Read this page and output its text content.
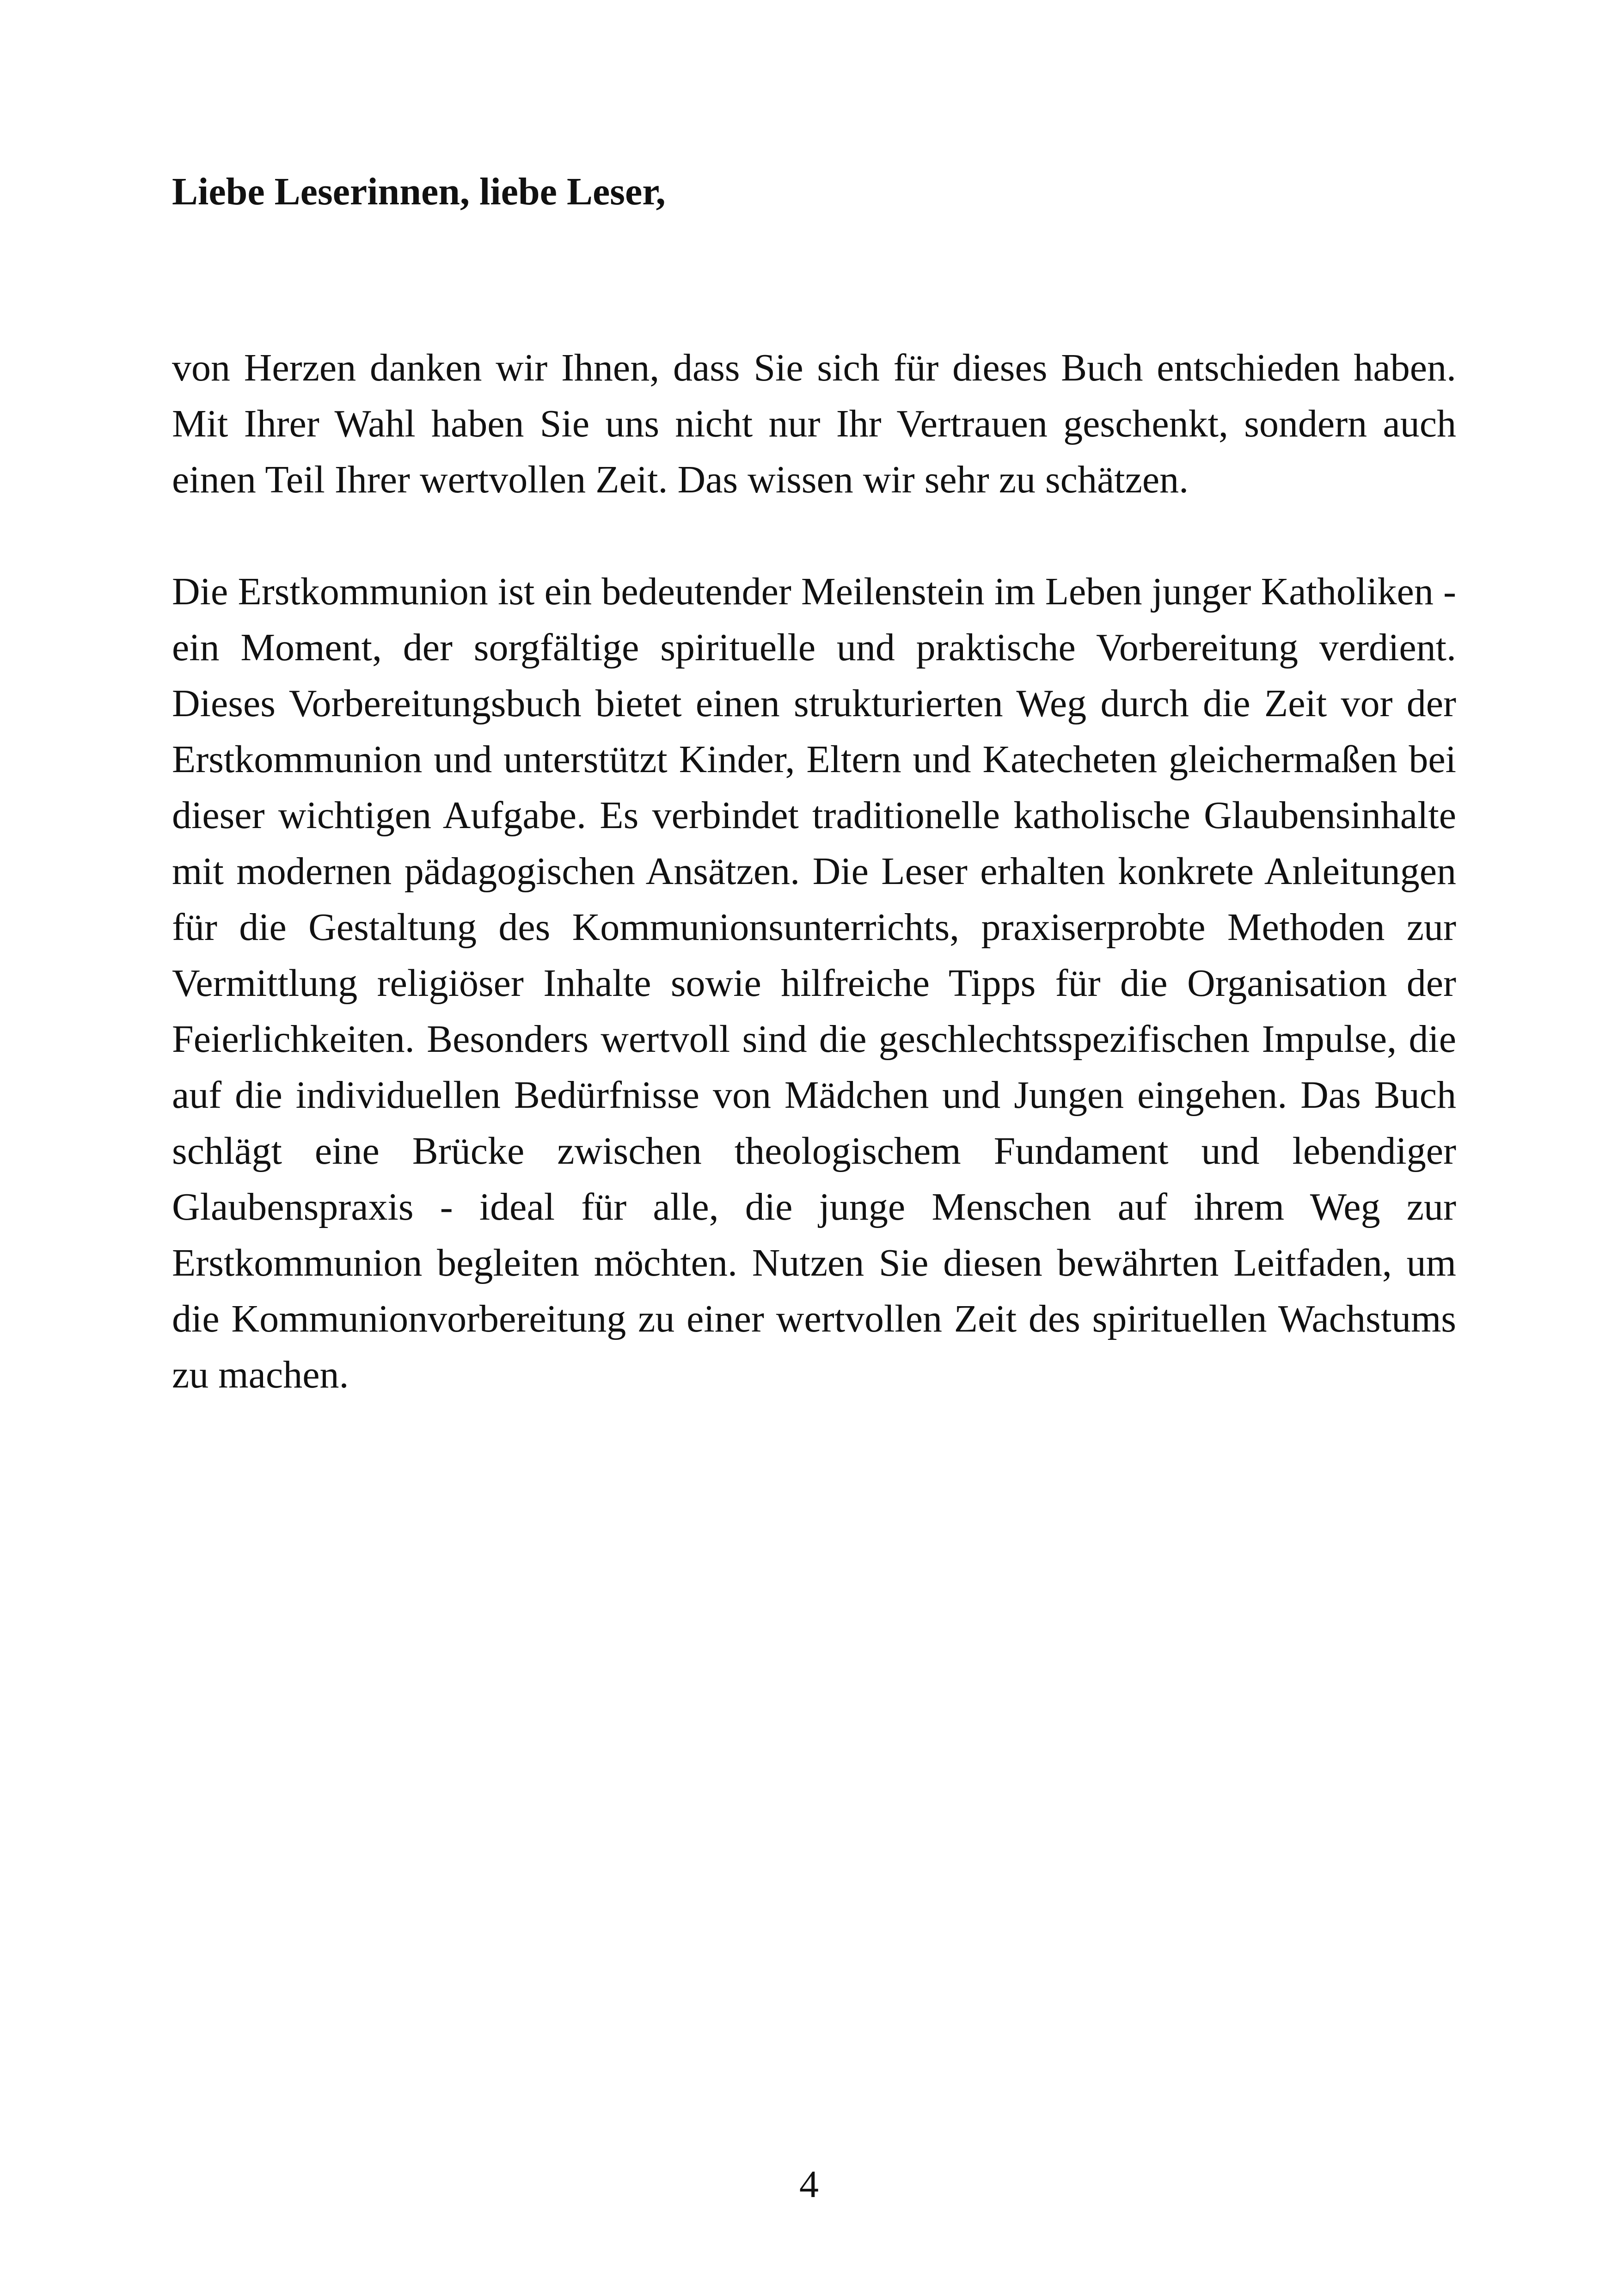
Liebe Leserinnen, liebe Leser,

von Herzen danken wir Ihnen, dass Sie sich für dieses Buch entschieden haben. Mit Ihrer Wahl haben Sie uns nicht nur Ihr Vertrauen geschenkt, sondern auch einen Teil Ihrer wertvollen Zeit. Das wissen wir sehr zu schätzen.

Die Erstkommunion ist ein bedeutender Meilenstein im Leben junger Katholiken - ein Moment, der sorgfältige spirituelle und praktische Vorbereitung verdient. Dieses Vorbereitungsbuch bietet einen strukturierten Weg durch die Zeit vor der Erstkommunion und unterstützt Kinder, Eltern und Katecheten gleichermaßen bei dieser wichtigen Aufgabe. Es verbindet traditionelle katholische Glaubensinhalte mit modernen pädagogischen Ansätzen. Die Leser erhalten konkrete Anleitungen für die Gestaltung des Kommunionsunterrichts, praxiserprobte Methoden zur Vermittlung religiöser Inhalte sowie hilfreiche Tipps für die Organisation der Feierlichkeiten. Besonders wertvoll sind die geschlechtsspezifischen Impulse, die auf die individuellen Bedürfnisse von Mädchen und Jungen eingehen. Das Buch schlägt eine Brücke zwischen theologischem Fundament und lebendiger Glaubenspraxis - ideal für alle, die junge Menschen auf ihrem Weg zur Erstkommunion begleiten möchten. Nutzen Sie diesen bewährten Leitfaden, um die Kommunionvorbereitung zu einer wertvollen Zeit des spirituellen Wachstums zu machen.

4
